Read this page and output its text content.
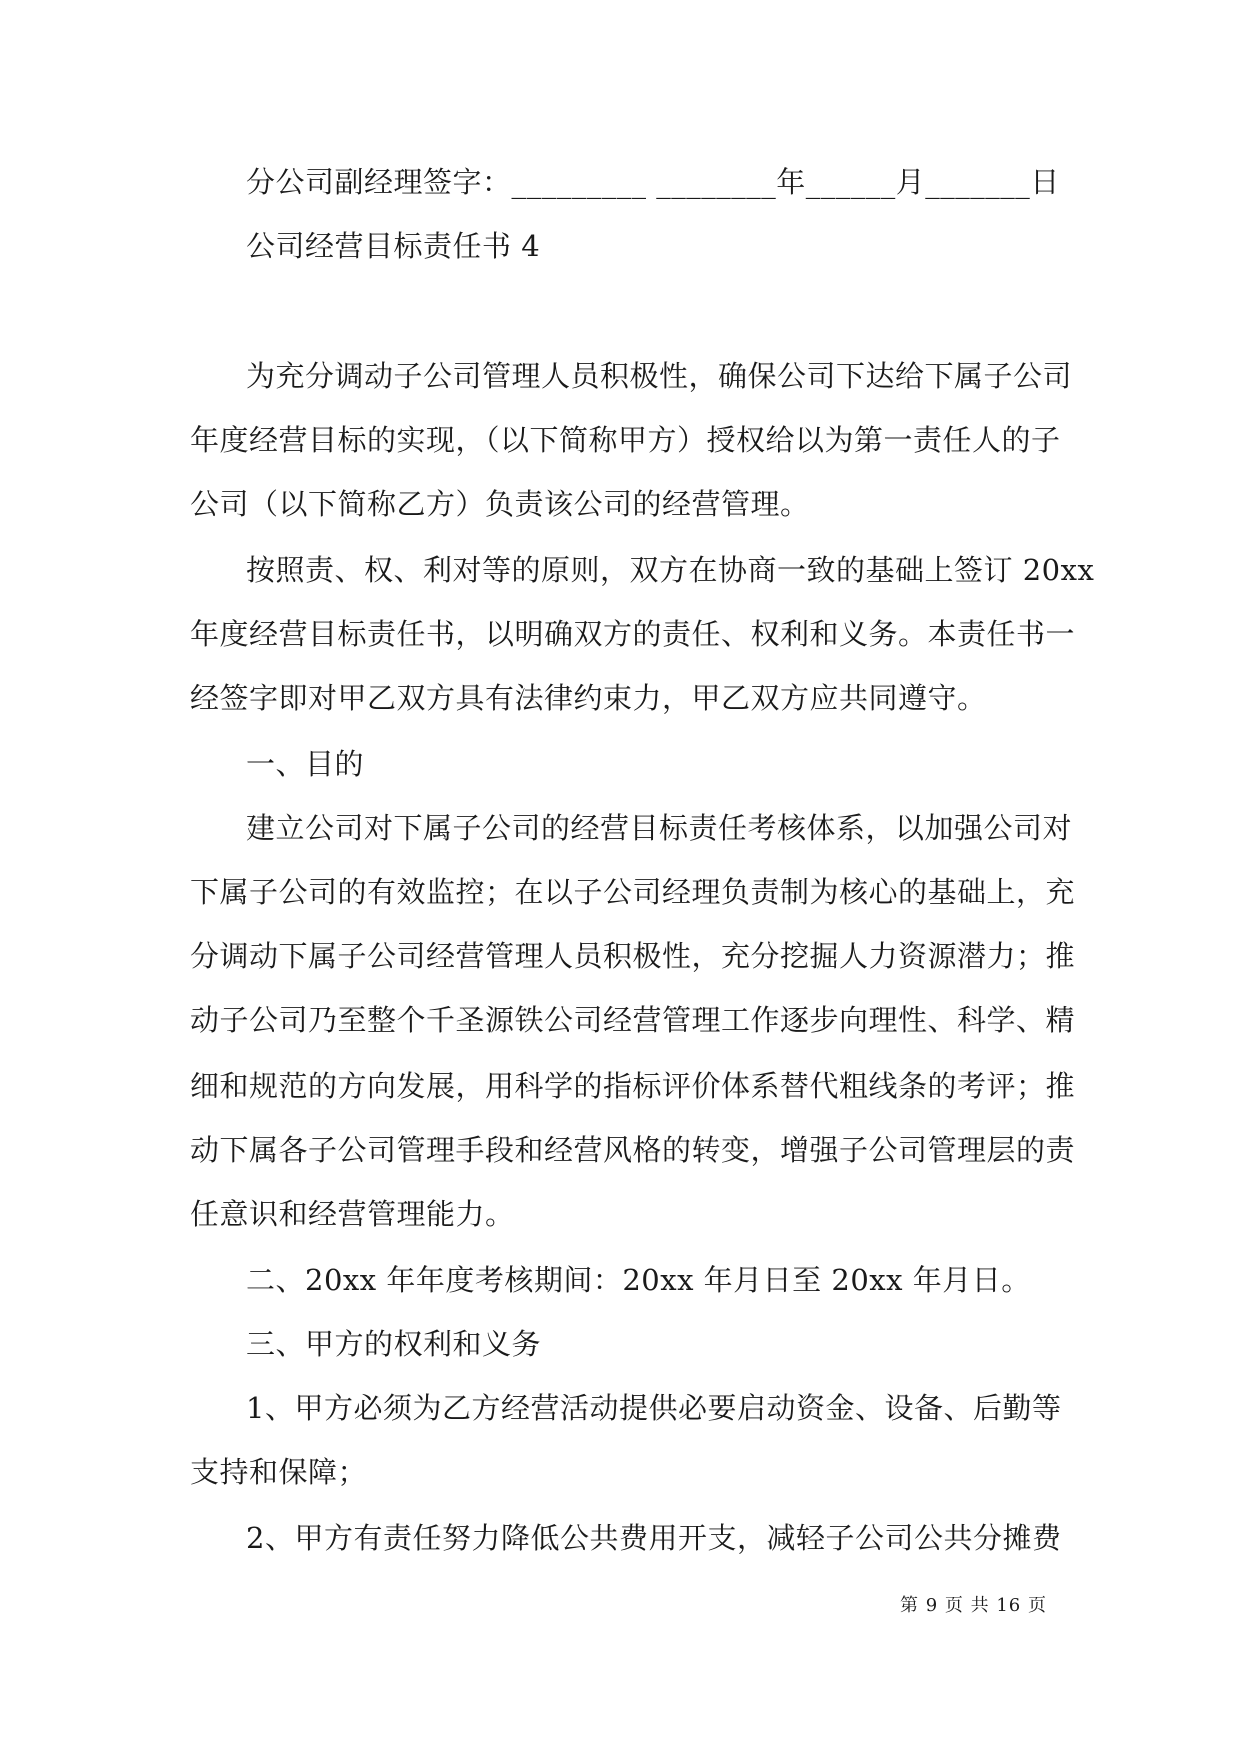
分公司副经理签字：_________ ________年______月_______日
公司经营目标责任书 4
为充分调动子公司管理人员积极性，确保公司下达给下属子公司
年度经营目标的实现，（以下简称甲方）授权给以为第一责任人的子
公司（以下简称乙方）负责该公司的经营管理。
按照责、权、利对等的原则，双方在协商一致的基础上签订 20xx
年度经营目标责任书，以明确双方的责任、权利和义务。本责任书一
经签字即对甲乙双方具有法律约束力，甲乙双方应共同遵守。
一、目的
建立公司对下属子公司的经营目标责任考核体系，以加强公司对
下属子公司的有效监控；在以子公司经理负责制为核心的基础上，充
分调动下属子公司经营管理人员积极性，充分挖掘人力资源潜力；推
动子公司乃至整个千圣源铁公司经营管理工作逐步向理性、科学、精
细和规范的方向发展，用科学的指标评价体系替代粗线条的考评；推
动下属各子公司管理手段和经营风格的转变，增强子公司管理层的责
任意识和经营管理能力。
二、20xx 年年度考核期间：20xx 年月日至 20xx 年月日。
三、甲方的权利和义务
1、甲方必须为乙方经营活动提供必要启动资金、设备、后勤等
支持和保障；
2、甲方有责任努力降低公共费用开支，减轻子公司公共分摊费
第 9 页 共 16 页
